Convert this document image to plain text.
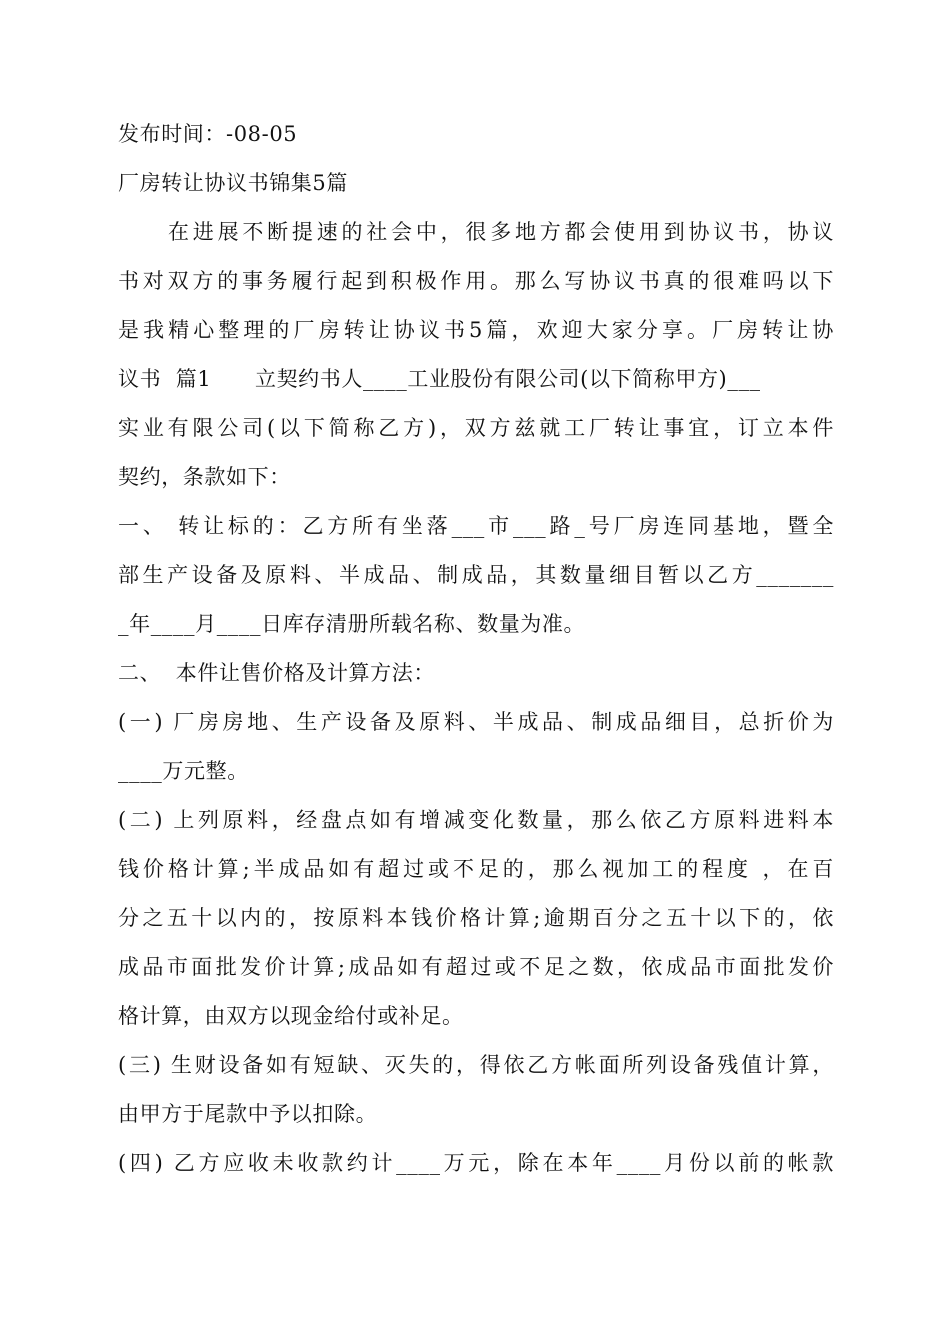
发布时间：-08-05
厂房转让协议书锦集5篇
在进展不断提速的社会中，很多地方都会使用到协议书，协议
书对双方的事务履行起到积极作用。那么写协议书真的很难吗以下
是我精心整理的厂房转让协议书5篇，欢迎大家分享。厂房转让协
议书  篇1      立契约书人____工业股份有限公司(以下简称甲方)___
实业有限公司(以下简称乙方)，双方兹就工厂转让事宜，订立本件
契约，条款如下：
一、 转让标的：乙方所有坐落___市___路_号厂房连同基地，暨全
部生产设备及原料、半成品、制成品，其数量细目暂以乙方_______
_年____月____日库存清册所载名称、数量为准。
二、  本件让售价格及计算方法：
(一) 厂房房地、生产设备及原料、半成品、制成品细目，总折价为
____万元整。
(二) 上列原料，经盘点如有增减变化数量，那么依乙方原料进料本
钱价格计算;半成品如有超过或不足的，那么视加工的程度 ，在百
分之五十以内的，按原料本钱价格计算;逾期百分之五十以下的，依
成品市面批发价计算;成品如有超过或不足之数，依成品市面批发价
格计算，由双方以现金给付或补足。
(三) 生财设备如有短缺、灭失的，得依乙方帐面所列设备残值计算，
由甲方于尾款中予以扣除。
(四) 乙方应收未收款约计____万元，除在本年____月份以前的帐款
